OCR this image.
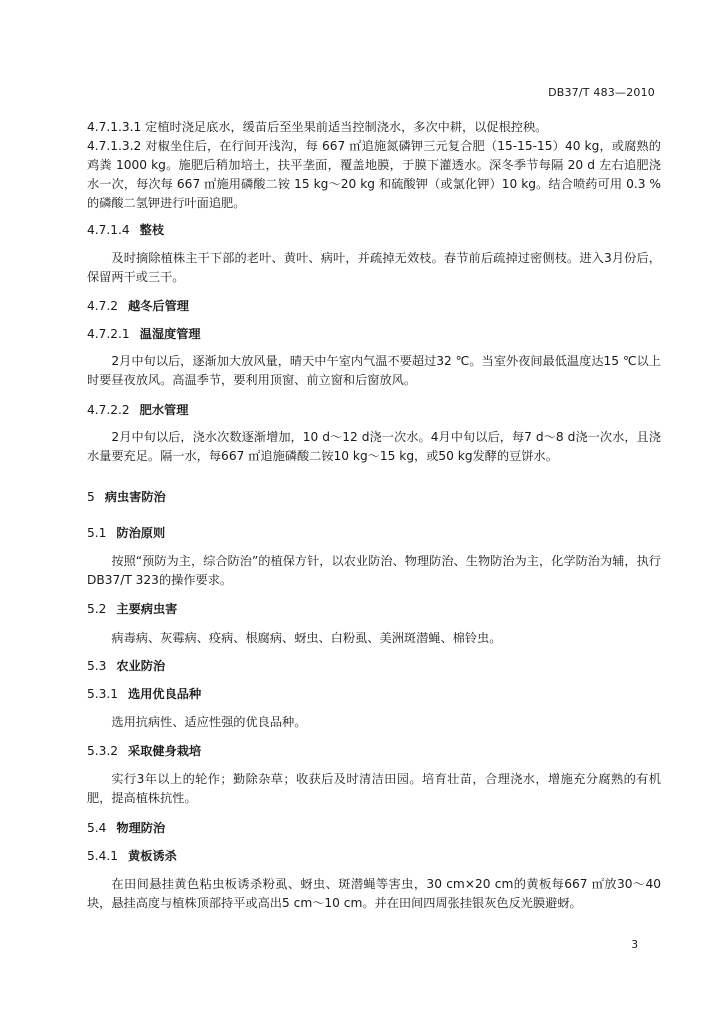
DB37/T 483—2010

4.7.1.3.1 定植时浇足底水，缓苗后至坐果前适当控制浇水，多次中耕，以促根控秧。

4.7.1.3.2 对椒坐住后，在行间开浅沟，每 667 ㎡追施氮磷钾三元复合肥（15-15-15）40 kg，或腐熟的鸡粪 1000 kg。施肥后稍加培土，扶平垄面，覆盖地膜，于膜下灌透水。深冬季节每隔 20 d 左右追肥浇水一次，每次每 667 ㎡施用磷酸二铵 15 kg～20 kg 和硫酸钾（或氯化钾）10 kg。结合喷药可用 0.3 %的磷酸二氢钾进行叶面追肥。

4.7.1.4 整枝

及时摘除植株主干下部的老叶、黄叶、病叶，并疏掉无效枝。春节前后疏掉过密侧枝。进入3月份后，保留两干或三干。

4.7.2 越冬后管理
4.7.2.1 温湿度管理

2月中旬以后，逐渐加大放风量，晴天中午室内气温不要超过32 ℃。当室外夜间最低温度达15 ℃以上时要昼夜放风。高温季节，要利用顶窗、前立窗和后窗放风。

4.7.2.2 肥水管理

2月中旬以后，浇水次数逐渐增加，10 d～12 d浇一次水。4月中旬以后，每7 d～8 d浇一次水，且浇水量要充足。隔一水，每667 ㎡追施磷酸二铵10 kg～15 kg，或50 kg发酵的豆饼水。

5 病虫害防治
5.1 防治原则

按照“预防为主，综合防治”的植保方针，以农业防治、物理防治、生物防治为主，化学防治为辅，执行DB37/T 323的操作要求。

5.2 主要病虫害

病毒病、灰霉病、疫病、根腐病、蚜虫、白粉虱、美洲斑潜蝇、棉铃虫。

5.3 农业防治
5.3.1 选用优良品种

选用抗病性、适应性强的优良品种。

5.3.2 采取健身栽培

实行3年以上的轮作；勤除杂草；收获后及时清洁田园。培育壮苗，合理浇水，增施充分腐熟的有机肥，提高植株抗性。

5.4 物理防治
5.4.1 黄板诱杀

在田间悬挂黄色粘虫板诱杀粉虱、蚜虫、斑潜蝇等害虫，30 cm×20 cm的黄板每667 ㎡放30～40块，悬挂高度与植株顶部持平或高出5 cm～10 cm。并在田间四周张挂银灰色反光膜避蚜。

3
